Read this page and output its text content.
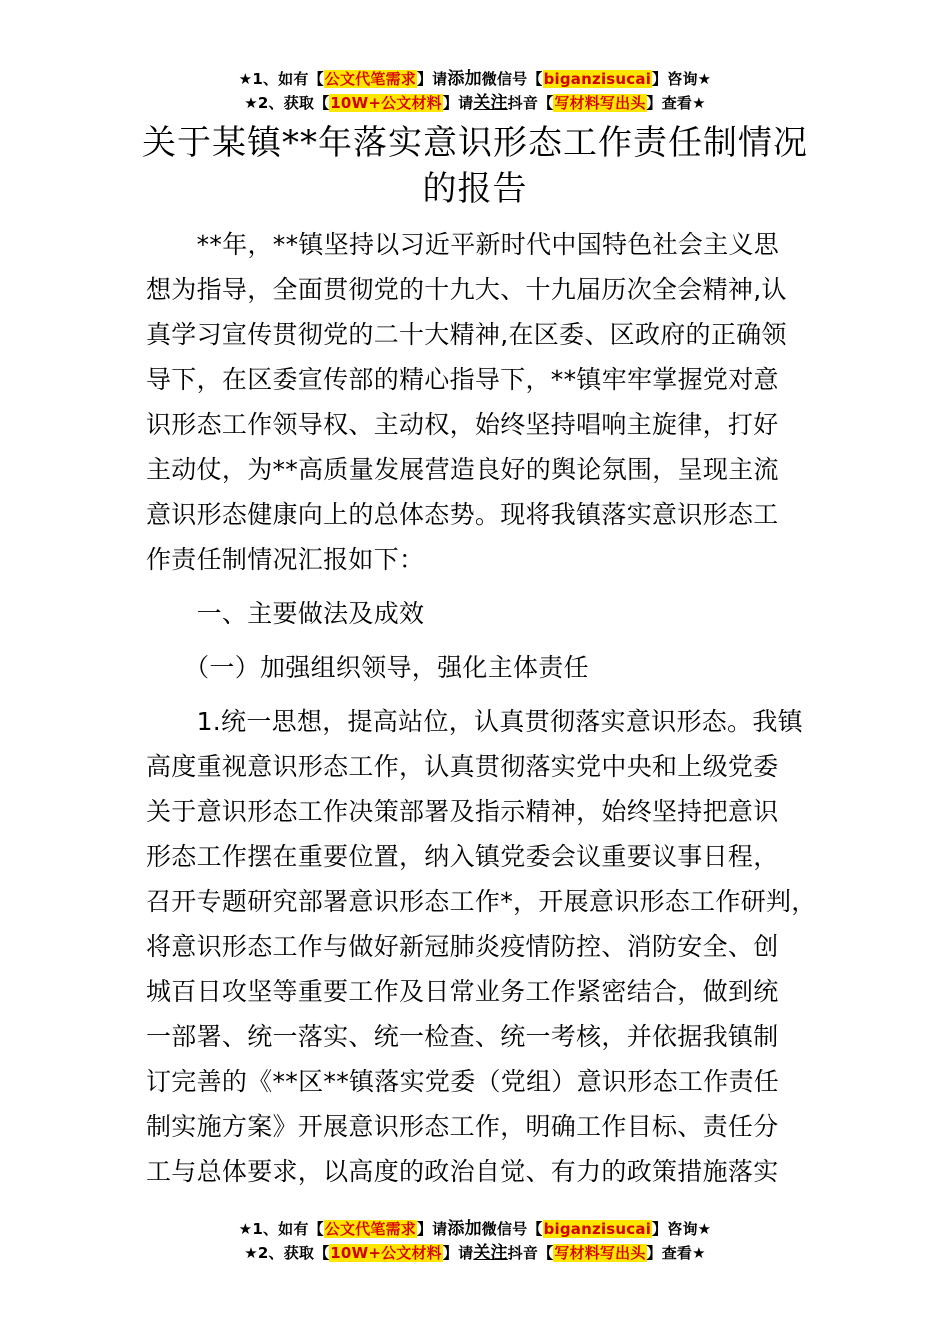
★1、如有【公文代笔需求】请添加微信号【biganzisucai】咨询★
★2、获取【10W+公文材料】请关注抖音【写材料写出头】查看★
关于某镇**年落实意识形态工作责任制情况
的报告
　　**年，**镇坚持以习近平新时代中国特色社会主义思
想为指导，全面贯彻党的十九大、十九届历次全会精神,认
真学习宣传贯彻党的二十大精神,在区委、区政府的正确领
导下，在区委宣传部的精心指导下，**镇牢牢掌握党对意
识形态工作领导权、主动权，始终坚持唱响主旋律，打好
主动仗，为**高质量发展营造良好的舆论氛围，呈现主流
意识形态健康向上的总体态势。现将我镇落实意识形态工
作责任制情况汇报如下：
　　一、主要做法及成效
　　（一）加强组织领导，强化主体责任
　　1.统一思想，提高站位，认真贯彻落实意识形态。我镇
高度重视意识形态工作，认真贯彻落实党中央和上级党委
关于意识形态工作决策部署及指示精神，始终坚持把意识
形态工作摆在重要位置，纳入镇党委会议重要议事日程，
召开专题研究部署意识形态工作*，开展意识形态工作研判，
将意识形态工作与做好新冠肺炎疫情防控、消防安全、创
城百日攻坚等重要工作及日常业务工作紧密结合，做到统
一部署、统一落实、统一检查、统一考核，并依据我镇制
订完善的《**区**镇落实党委（党组）意识形态工作责任
制实施方案》开展意识形态工作，明确工作目标、责任分
工与总体要求，以高度的政治自觉、有力的政策措施落实
★1、如有【公文代笔需求】请添加微信号【biganzisucai】咨询★
★2、获取【10W+公文材料】请关注抖音【写材料写出头】查看★
